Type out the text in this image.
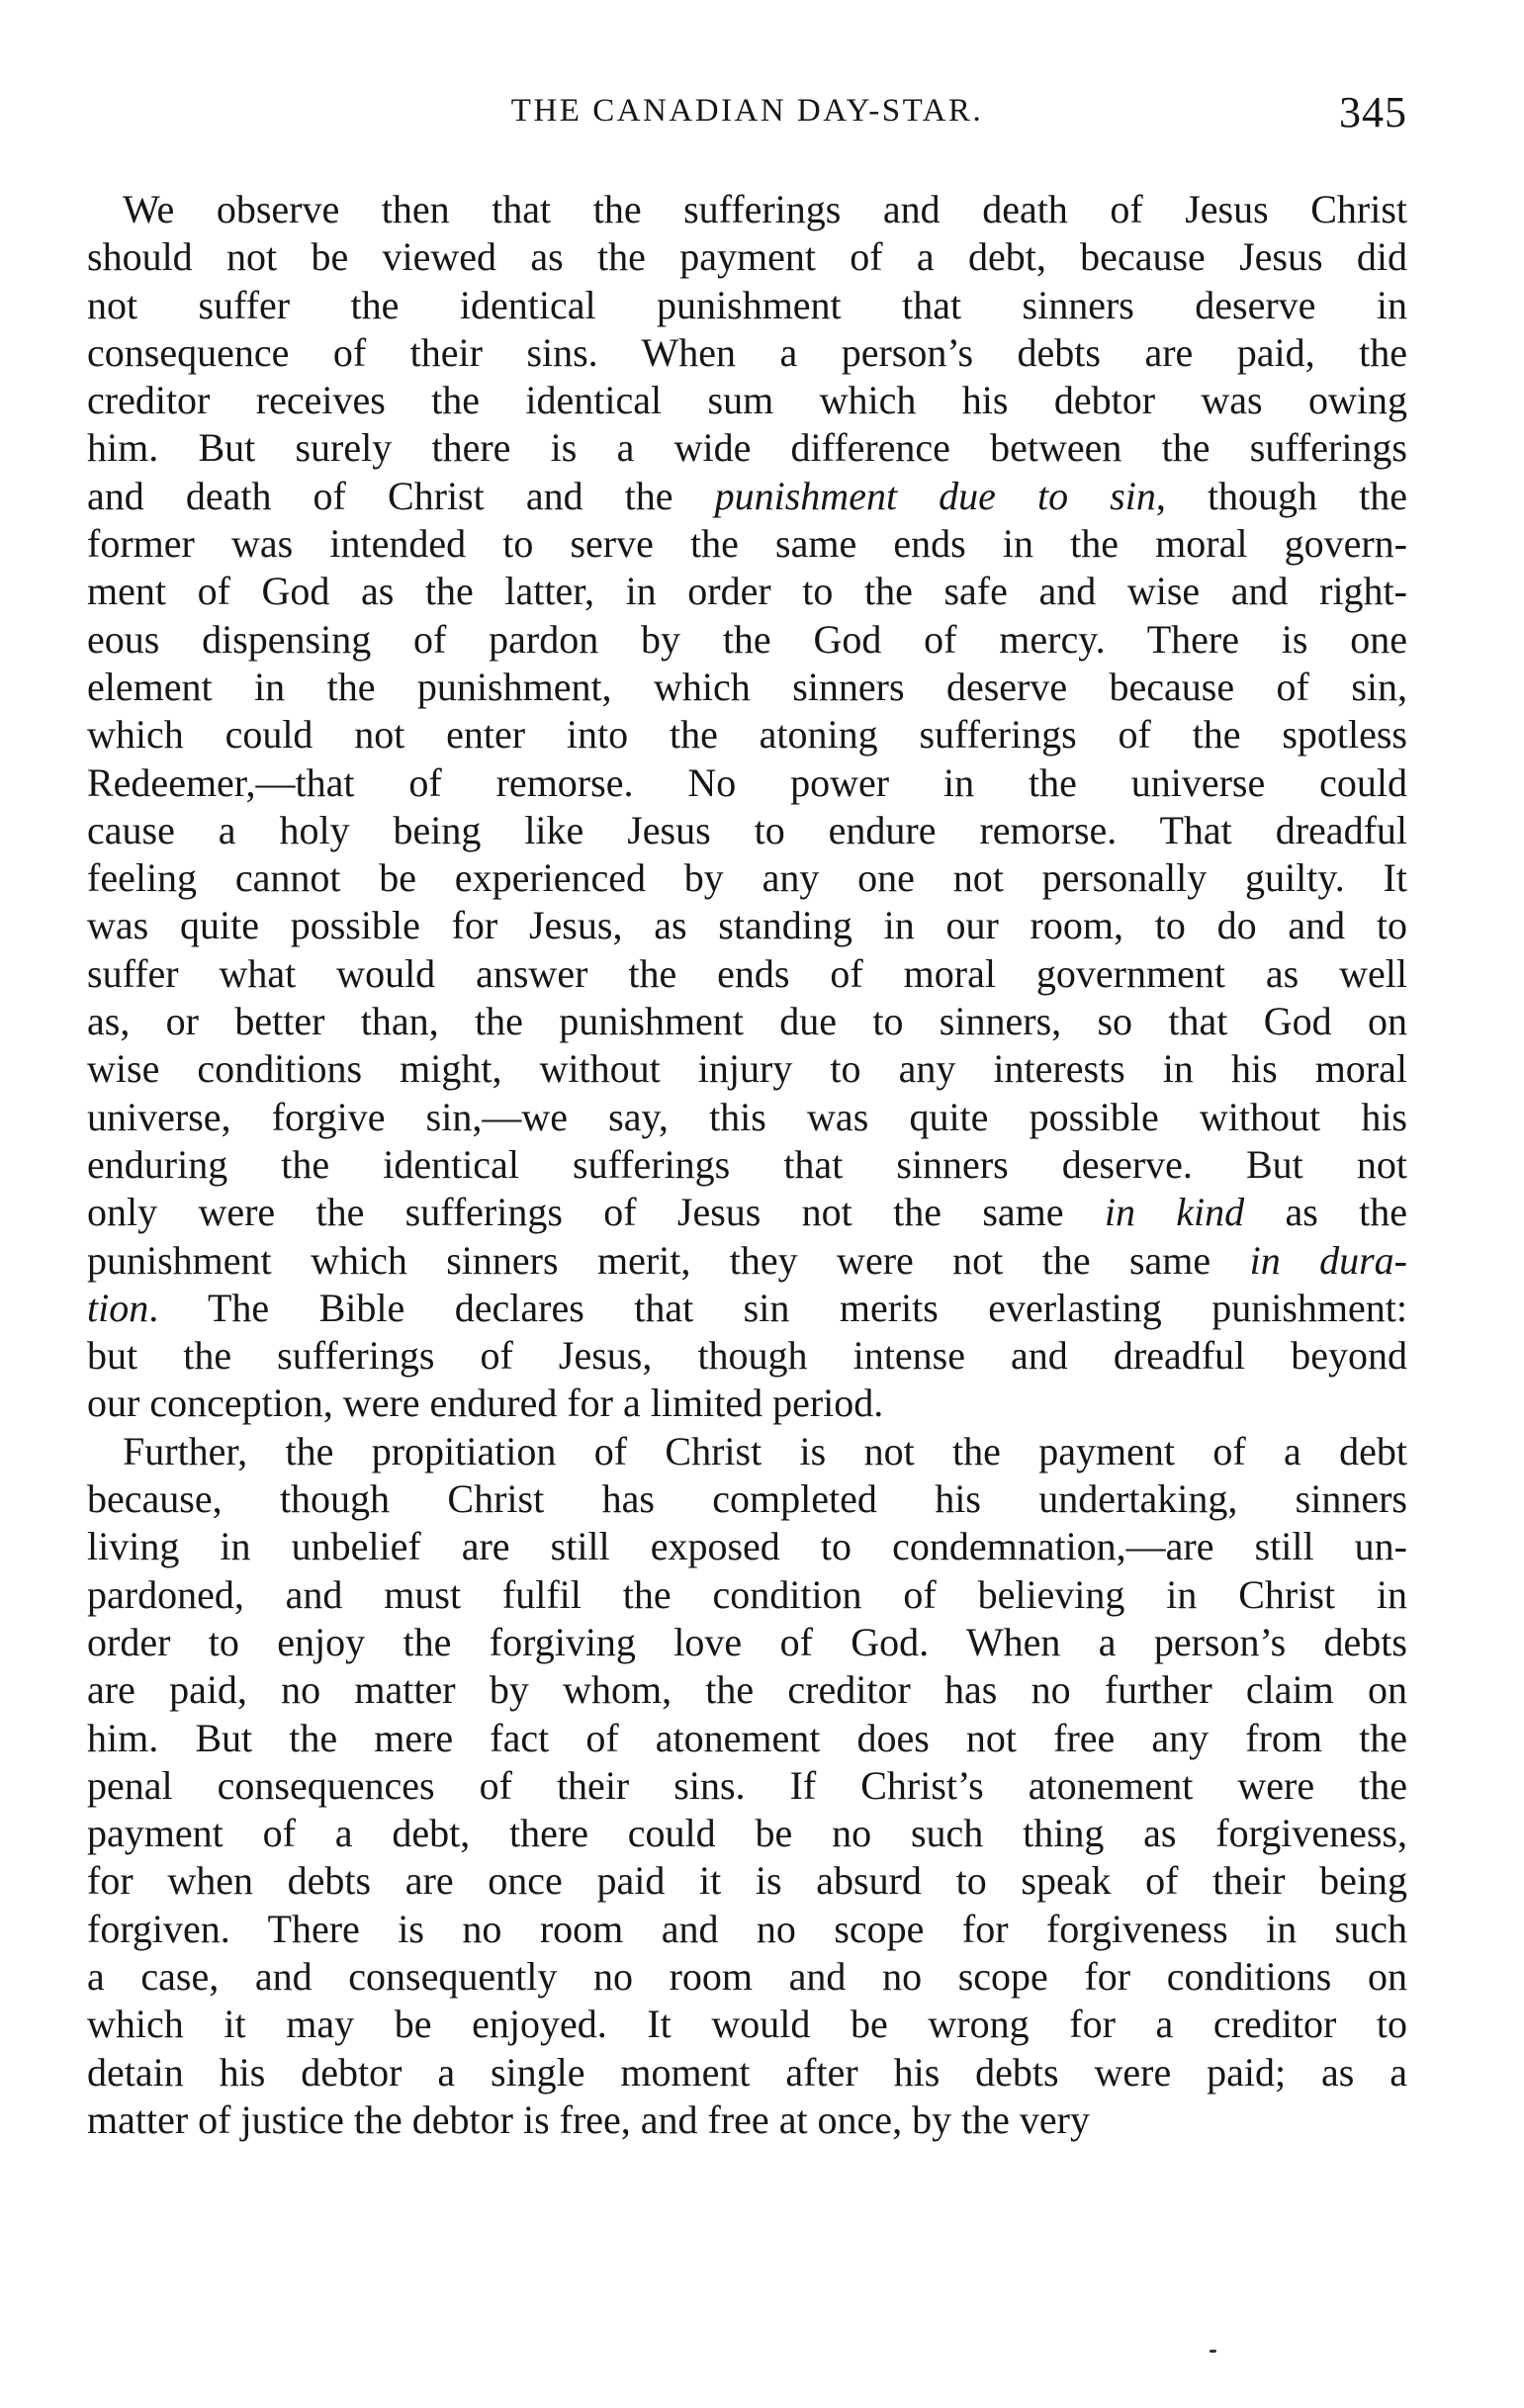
THE CANADIAN DAY-STAR.	345
We observe then that the sufferings and death of Jesus Christ
should not be viewed as the payment of a debt, because Jesus did
not suffer the identical punishment that sinners deserve in
consequence of their sins. When a person’s debts are paid, the
creditor receives the identical sum which his debtor was owing
him. But surely there is a wide difference between the sufferings
and death of Christ and the punishment due to sin, though the
former was intended to serve the same ends in the moral govern-
ment of God as the latter, in order to the safe and wise and right-
eous dispensing of pardon by the God of mercy. There is one
element in the punishment, which sinners deserve because of sin,
which could not enter into the atoning sufferings of the spotless
Redeemer,—that of remorse. No power in the universe could
cause a holy being like Jesus to endure remorse. That dreadful
feeling cannot be experienced by any one not personally guilty. It
was quite possible for Jesus, as standing in our room, to do and to
suffer what would answer the ends of moral government as well
as, or better than, the punishment due to sinners, so that God on
wise conditions might, without injury to any interests in his moral
universe, forgive sin,—we say, this was quite possible without his
enduring the identical sufferings that sinners deserve. But not
only were the sufferings of Jesus not the same in kind as the
punishment which sinners merit, they were not the same in dura-
tion. The Bible declares that sin merits everlasting punishment:
but the sufferings of Jesus, though intense and dreadful beyond
our conception, were endured for a limited period.
Further, the propitiation of Christ is not the payment of a debt
because, though Christ has completed his undertaking, sinners
living in unbelief are still exposed to condemnation,—are still un-
pardoned, and must fulfil the condition of believing in Christ in
order to enjoy the forgiving love of God. When a person’s debts
are paid, no matter by whom, the creditor has no further claim on
him. But the mere fact of atonement does not free any from the
penal consequences of their sins. If Christ’s atonement were the
payment of a debt, there could be no such thing as forgiveness,
for when debts are once paid it is absurd to speak of their being
forgiven. There is no room and no scope for forgiveness in such
a case, and consequently no room and no scope for conditions on
which it may be enjoyed. It would be wrong for a creditor to
detain his debtor a single moment after his debts were paid; as a
matter of justice the debtor is free, and free at once, by the very
